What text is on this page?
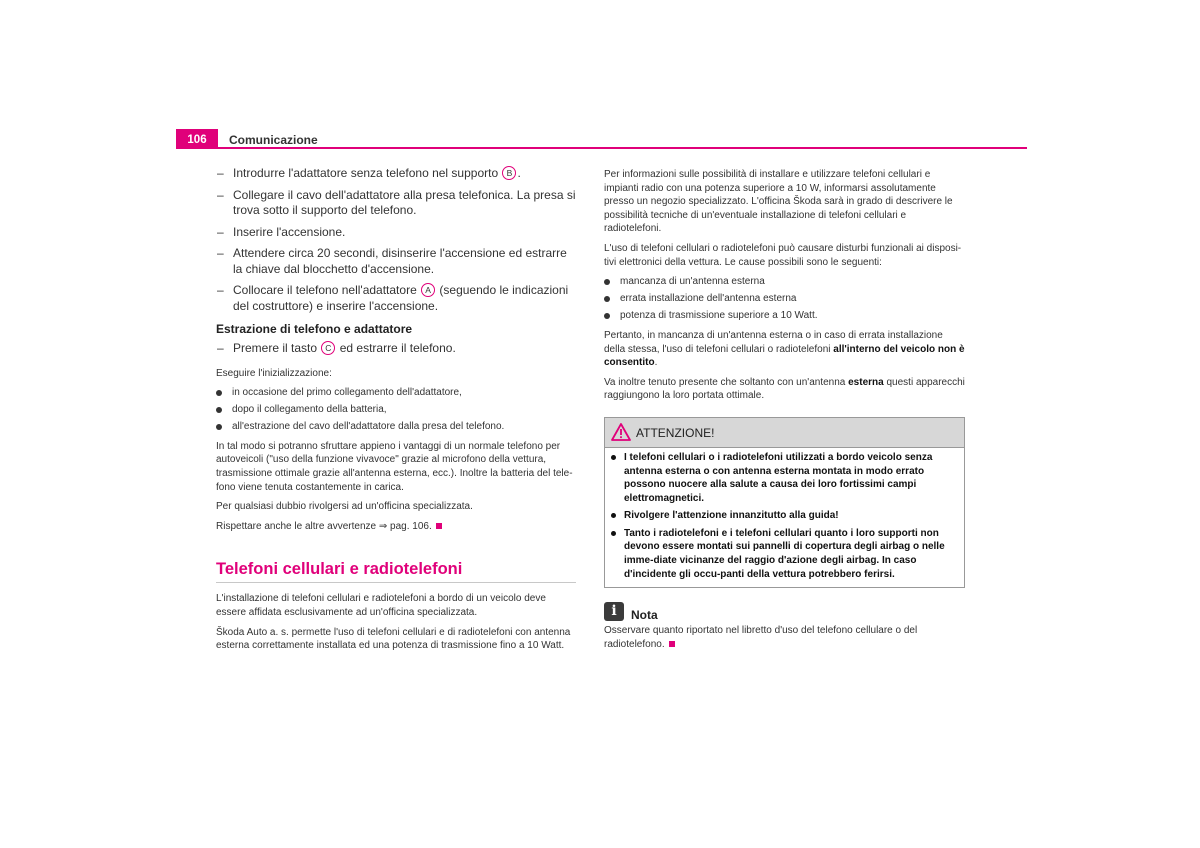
106	Comunicazione
– Introdurre l'adattatore senza telefono nel supporto B .
– Collegare il cavo dell'adattatore alla presa telefonica. La presa si trova sotto il supporto del telefono.
– Inserire l'accensione.
– Attendere circa 20 secondi, disinserire l'accensione ed estrarre la chiave dal blocchetto d'accensione.
– Collocare il telefono nell'adattatore A (seguendo le indicazioni del costruttore) e inserire l'accensione.
Estrazione di telefono e adattatore
– Premere il tasto C ed estrarre il telefono.
Eseguire l'inizializzazione:
in occasione del primo collegamento dell'adattatore,
dopo il collegamento della batteria,
all'estrazione del cavo dell'adattatore dalla presa del telefono.
In tal modo si potranno sfruttare appieno i vantaggi di un normale telefono per autoveicoli ("uso della funzione vivavoce" grazie al microfono della vettura, trasmissione ottimale grazie all'antenna esterna, ecc.). Inoltre la batteria del tele-fono viene tenuta costantemente in carica.
Per qualsiasi dubbio rivolgersi ad un'officina specializzata.
Rispettare anche le altre avvertenze ⇒ pag. 106.
Telefoni cellulari e radiotelefoni
L'installazione di telefoni cellulari e radiotelefoni a bordo di un veicolo deve essere affidata esclusivamente ad un'officina specializzata.
Škoda Auto a. s. permette l'uso di telefoni cellulari e di radiotelefoni con antenna esterna correttamente installata ed una potenza di trasmissione fino a 10 Watt.
Per informazioni sulle possibilità di installare e utilizzare telefoni cellulari e impianti radio con una potenza superiore a 10 W, informarsi assolutamente presso un negozio specializzato. L'officina Škoda sarà in grado di descrivere le possibilità tecniche di un'eventuale installazione di telefoni cellulari e radiotelefoni.
L'uso di telefoni cellulari o radiotelefoni può causare disturbi funzionali ai disposi-tivi elettronici della vettura. Le cause possibili sono le seguenti:
mancanza di un'antenna esterna
errata installazione dell'antenna esterna
potenza di trasmissione superiore a 10 Watt.
Pertanto, in mancanza di un'antenna esterna o in caso di errata installazione della stessa, l'uso di telefoni cellulari o radiotelefoni all'interno del veicolo non è consentito.
Va inoltre tenuto presente che soltanto con un'antenna esterna questi apparecchi raggiungono la loro portata ottimale.
ATTENZIONE!
I telefoni cellulari o i radiotelefoni utilizzati a bordo veicolo senza antenna esterna o con antenna esterna montata in modo errato possono nuocere alla salute a causa dei loro fortissimi campi elettromagnetici.
Rivolgere l'attenzione innanzitutto alla guida!
Tanto i radiotelefoni e i telefoni cellulari quanto i loro supporti non devono essere montati sui pannelli di copertura degli airbag o nelle imme-diate vicinanze del raggio d'azione degli airbag. In caso d'incidente gli occu-panti della vettura potrebbero ferirsi.
i	Nota
Osservare quanto riportato nel libretto d'uso del telefono cellulare o del radiotelefono.
